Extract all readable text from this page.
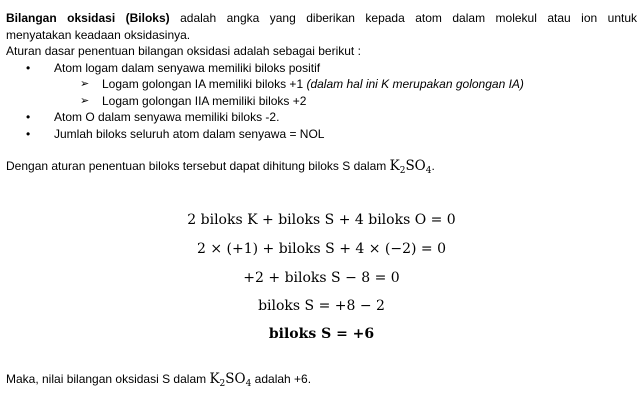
Bilangan oksidasi (Biloks) adalah angka yang diberikan kepada atom dalam molekul atau ion untuk
menyatakan keadaan oksidasinya.
Aturan dasar penentuan bilangan oksidasi adalah sebagai berikut :
• Atom logam dalam senyawa memiliki biloks positif
➢ Logam golongan IA memiliki biloks +1 (dalam hal ini K merupakan golongan IA)
➢ Logam golongan IIA memiliki biloks +2
• Atom O dalam senyawa memiliki biloks -2.
• Jumlah biloks seluruh atom dalam senyawa = NOL
Dengan aturan penentuan biloks tersebut dapat dihitung biloks S dalam $K_2SO_4$.
2 biloks K + biloks S + 4 biloks O = 0
2 × (+1) + biloks S + 4 × (−2) = 0
+2 + biloks S − 8 = 0
biloks S = +8 − 2
biloks S = +6
Maka, nilai bilangan oksidasi S dalam $K_2SO_4$ adalah +6.
